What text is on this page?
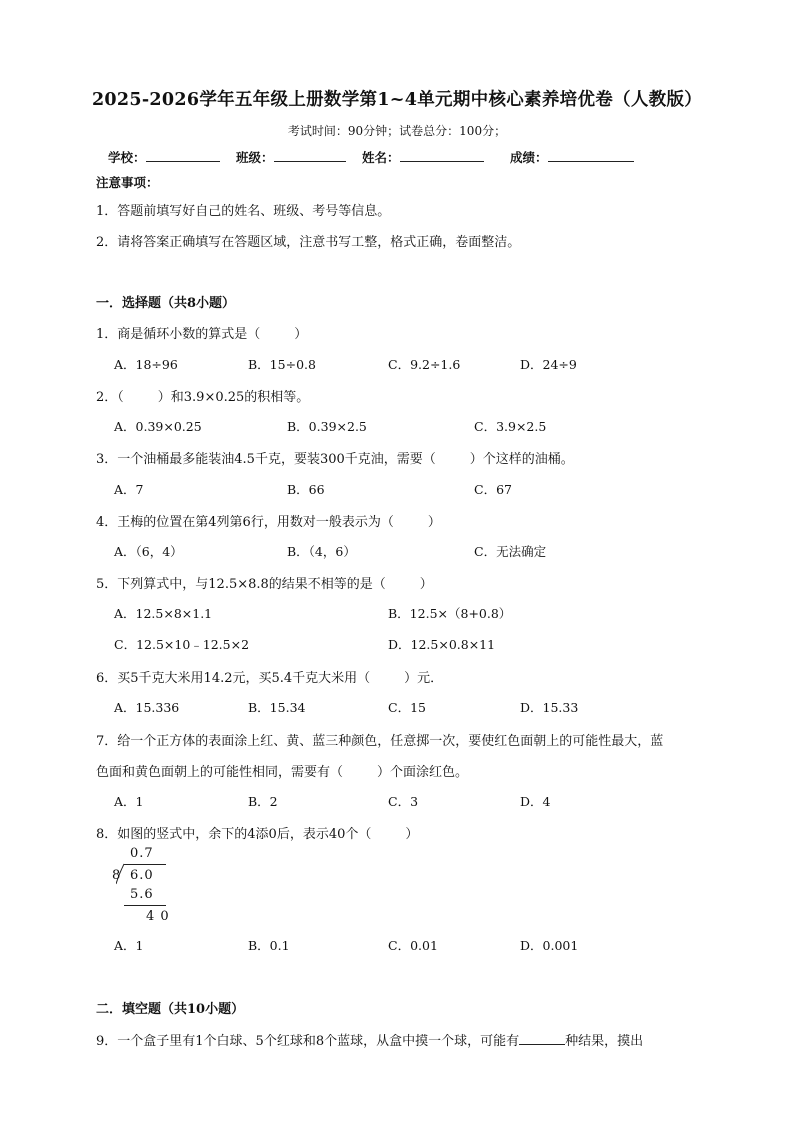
2025-2026学年五年级上册数学第1~4单元期中核心素养培优卷（人教版）
考试时间：90分钟；试卷总分：100分；
学校：	班级：	姓名：	成绩：
注意事项：
1．答题前填写好自己的姓名、班级、考号等信息。
2．请将答案正确填写在答题区域，注意书写工整，格式正确，卷面整洁。
一．选择题（共8小题）
1．商是循环小数的算式是（	）
A．18÷96	B．15÷0.8	C．9.2÷1.6	D．24÷9
2．（	）和3.9×0.25的积相等。
A．0.39×0.25	B．0.39×2.5	C．3.9×2.5
3．一个油桶最多能装油4.5千克，要装300千克油，需要（	）个这样的油桶。
A．7	B．66	C．67
4．王梅的位置在第4列第6行，用数对一般表示为（	）
A．（6，4）	B．（4，6）	C．无法确定
5．下列算式中，与12.5×8.8的结果不相等的是（	）
A．12.5×8×1.1	B．12.5×（8+0.8）
C．12.5×10﹣12.5×2	D．12.5×0.8×11
6．买5千克大米用14.2元，买5.4千克大米用（	）元．
A．15.336	B．15.34	C．15	D．15.33
7．给一个正方体的表面涂上红、黄、蓝三种颜色，任意掷一次，要使红色面朝上的可能性最大，蓝
色面和黄色面朝上的可能性相同，需要有（	）个面涂红色。
A．1	B．2	C．3	D．4
8．如图的竖式中，余下的4添0后，表示40个（	）
0.7
8 6.0
5.6
4 0
A．1	B．0.1	C．0.01	D．0.001
二．填空题（共10小题）
9．一个盒子里有1个白球、5个红球和8个蓝球，从盒中摸一个球，可能有	种结果，摸出
